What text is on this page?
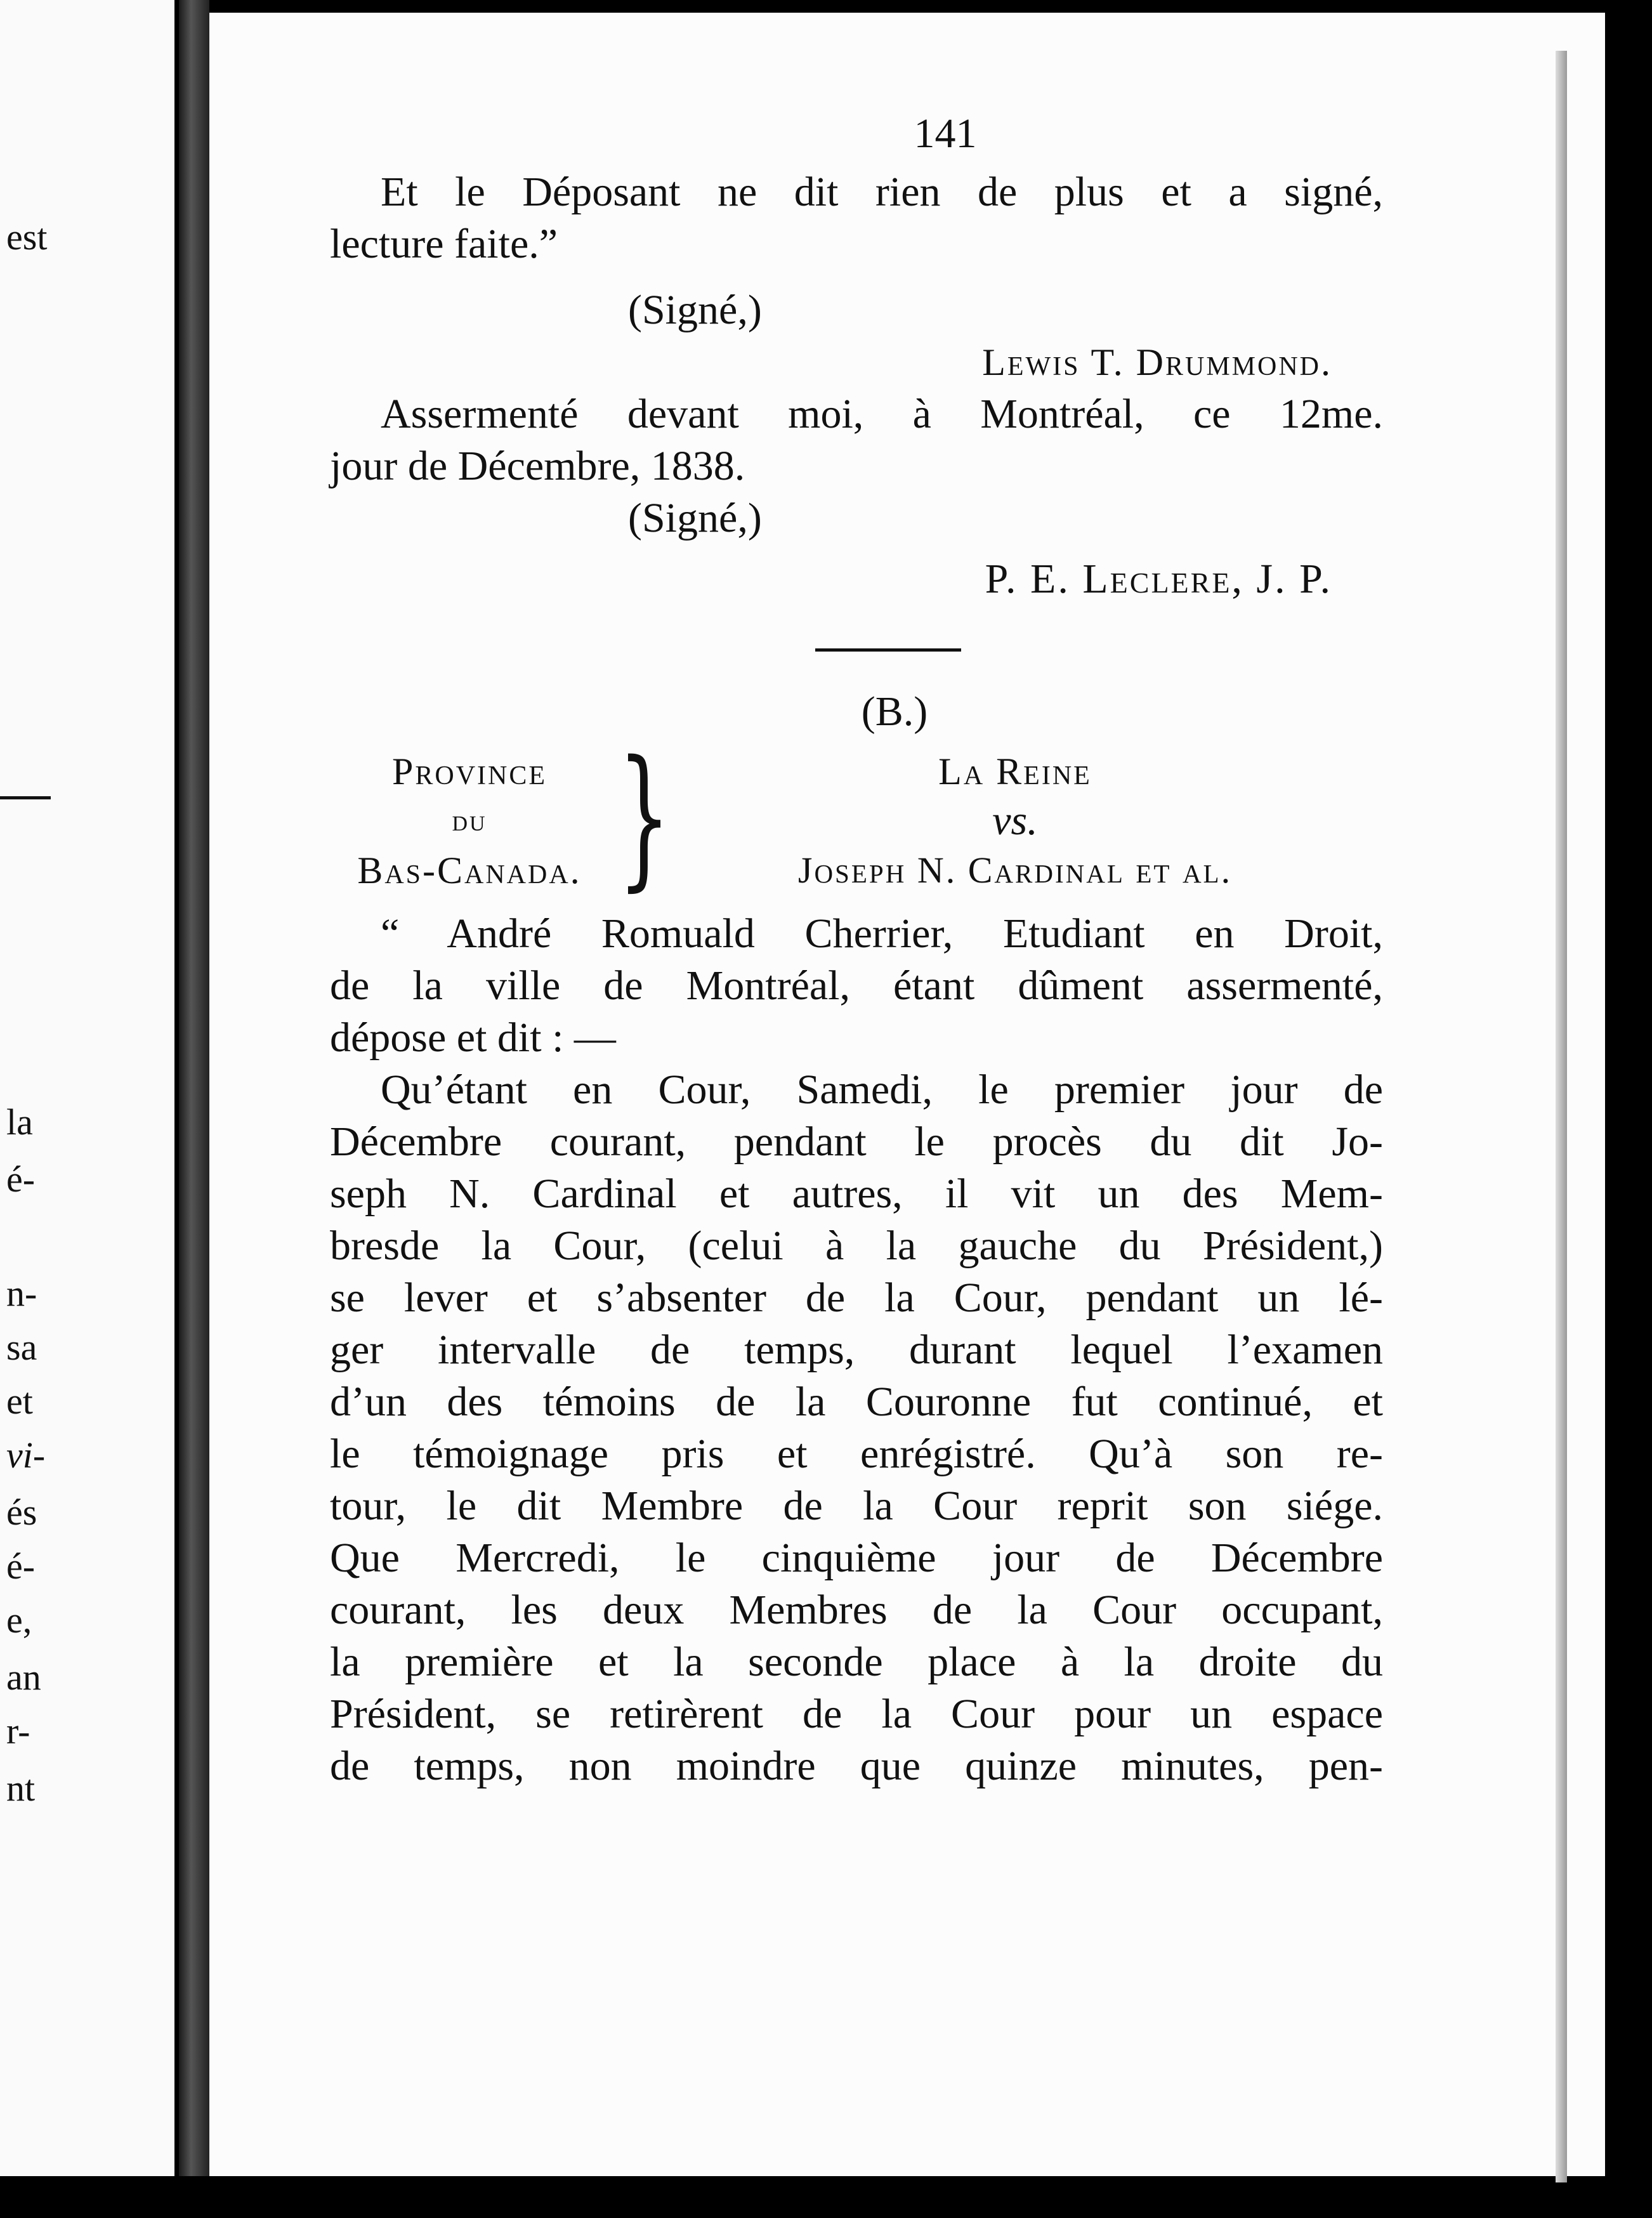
est
la
é-
n-
sa
et
vi-
és
é-
e,
an
r-
nt
141
Et le Déposant ne dit rien de plus et a signé,
lecture faite.”
(Signé,)
Lewis T. Drummond.
Assermenté devant moi, à Montréal, ce 12me.
jour de Décembre, 1838.
(Signé,)
P. E. Leclere, J. P.
(B.)
Province
du
Bas-Canada. }	La Reine
vs.
Joseph N. Cardinal et al.
“ André Romuald Cherrier, Etudiant en Droit,
de la ville de Montréal, étant dûment assermenté,
dépose et dit : —
Qu’étant en Cour, Samedi, le premier jour de
Décembre courant, pendant le procès du dit Jo-
seph N. Cardinal et autres, il vit un des Mem-
bresde la Cour, (celui à la gauche du Président,)
se lever et s’absenter de la Cour, pendant un lé-
ger intervalle de temps, durant lequel l’examen
d’un des témoins de la Couronne fut continué, et
le témoignage pris et enrégistré. Qu’à son re-
tour, le dit Membre de la Cour reprit son siége.
Que Mercredi, le cinquième jour de Décembre
courant, les deux Membres de la Cour occupant,
la première et la seconde place à la droite du
Président, se retirèrent de la Cour pour un espace
de temps, non moindre que quinze minutes, pen-
